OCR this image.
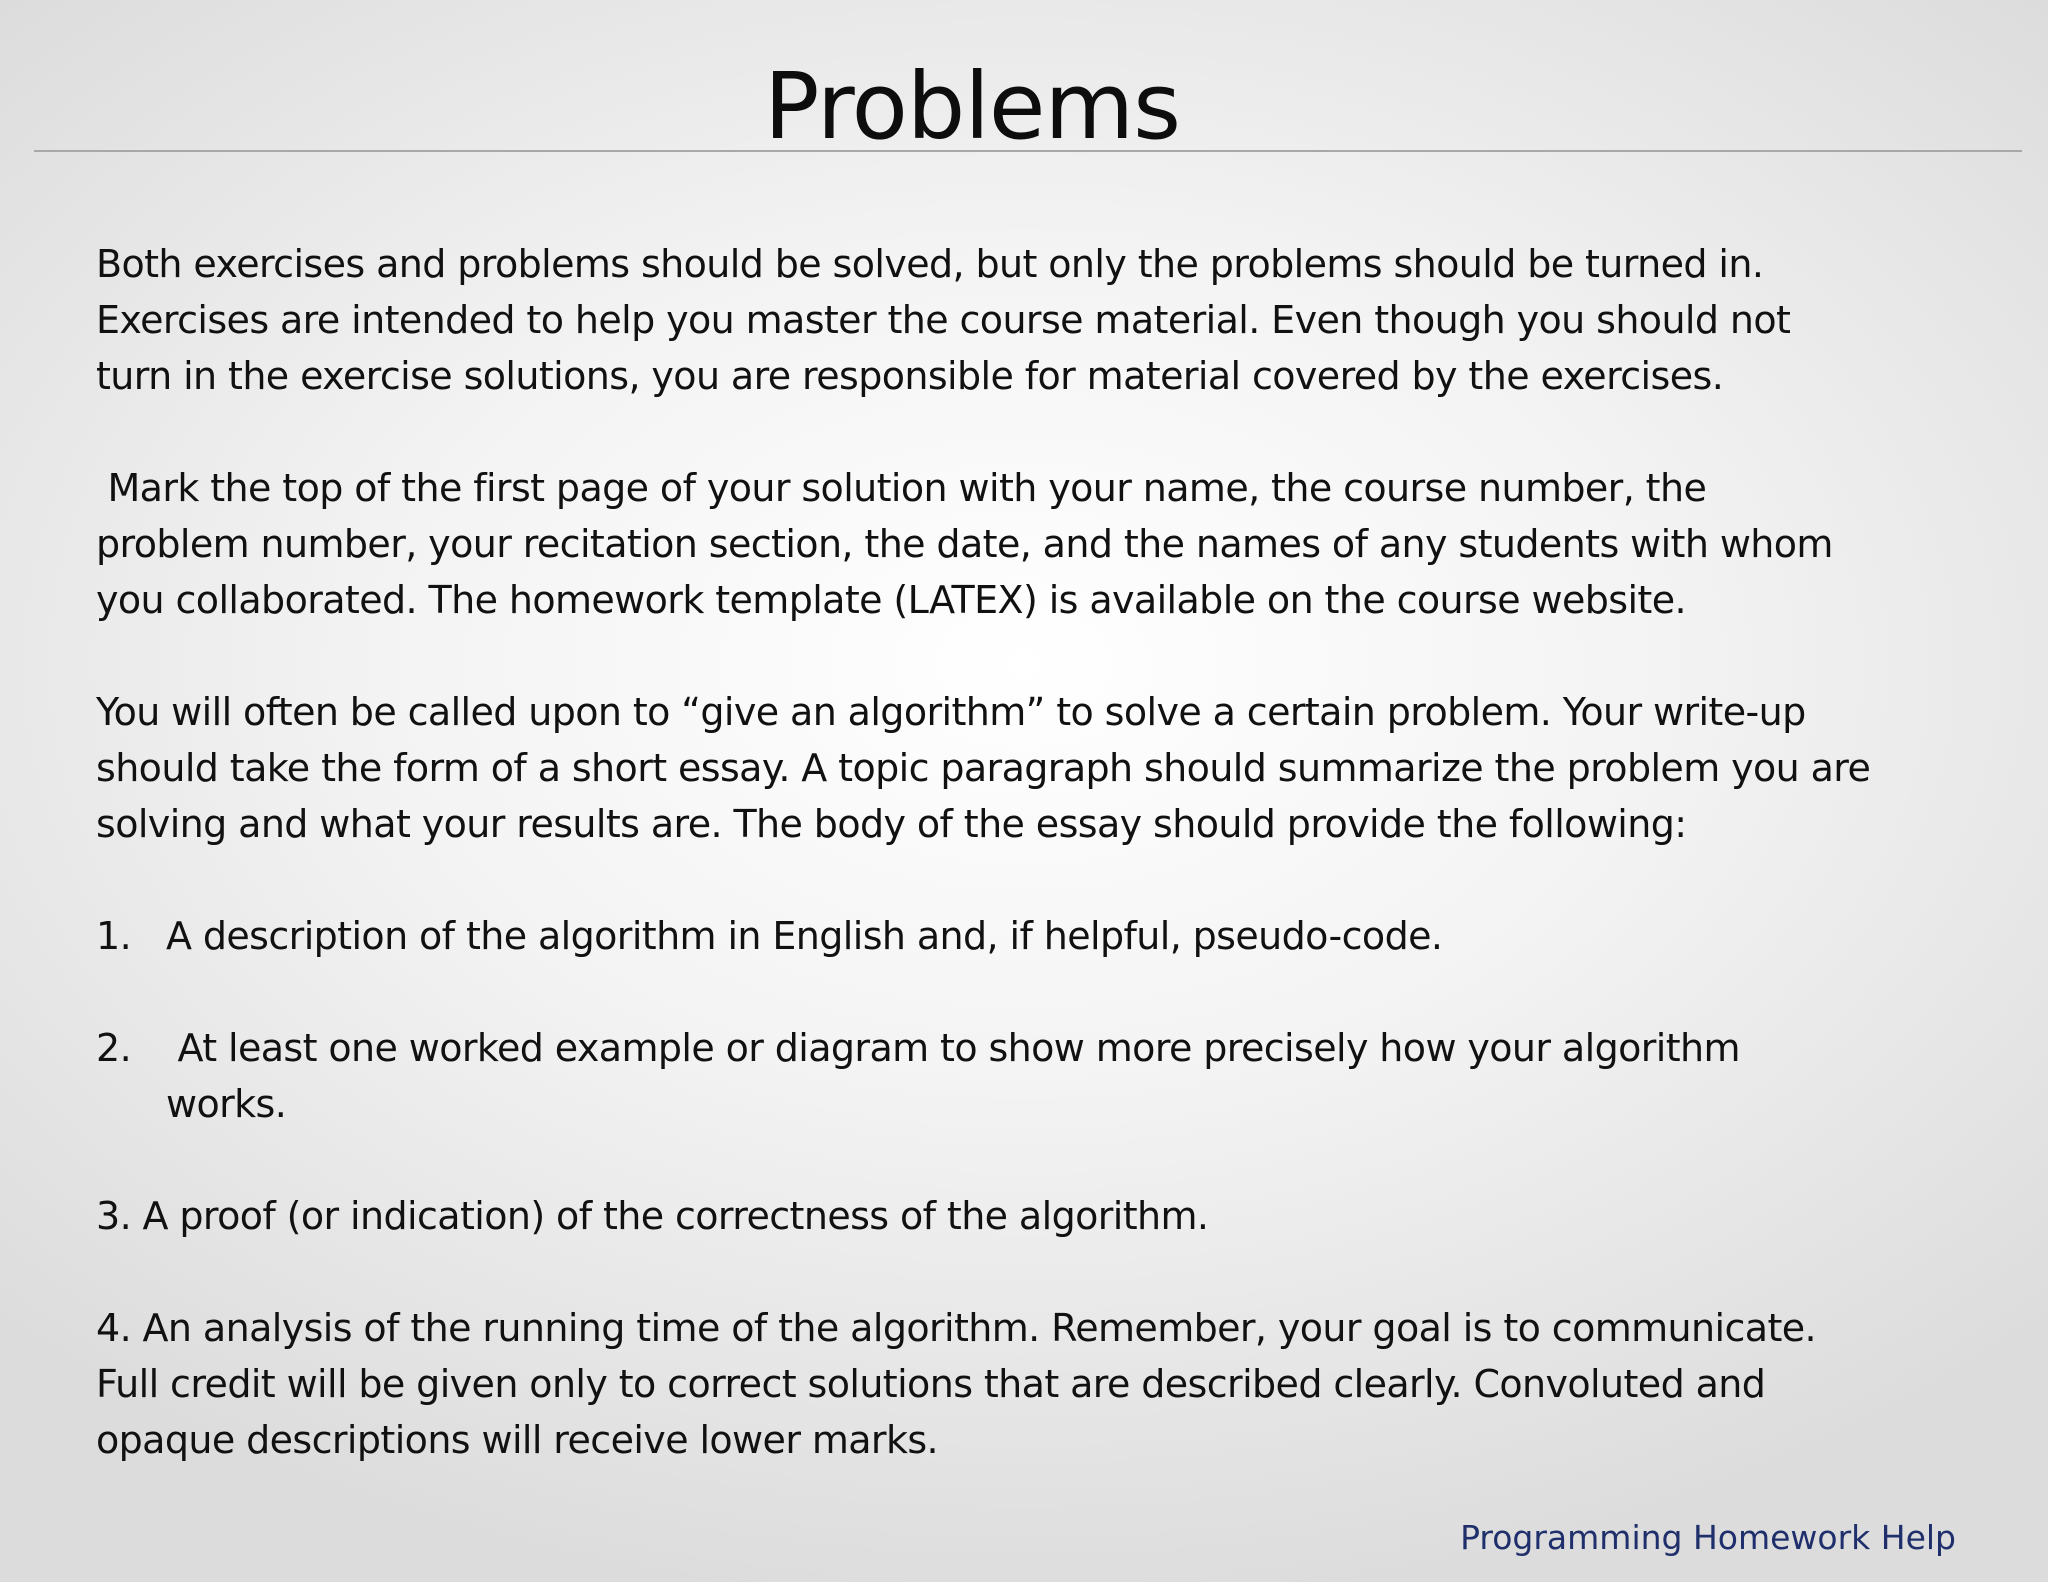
Problems

Both exercises and problems should be solved, but only the problems should be turned in.
Exercises are intended to help you master the course material. Even though you should not
turn in the exercise solutions, you are responsible for material covered by the exercises.

Mark the top of the first page of your solution with your name, the course number, the
problem number, your recitation section, the date, and the names of any students with whom
you collaborated. The homework template (LATEX) is available on the course website.

You will often be called upon to “give an algorithm” to solve a certain problem. Your write-up
should take the form of a short essay. A topic paragraph should summarize the problem you are
solving and what your results are. The body of the essay should provide the following:

1. A description of the algorithm in English and, if helpful, pseudo-code.
2. At least one worked example or diagram to show more precisely how your algorithm
works.
3. A proof (or indication) of the correctness of the algorithm.
4. An analysis of the running time of the algorithm. Remember, your goal is to communicate.
Full credit will be given only to correct solutions that are described clearly. Convoluted and
opaque descriptions will receive lower marks.
Programming Homework Help
